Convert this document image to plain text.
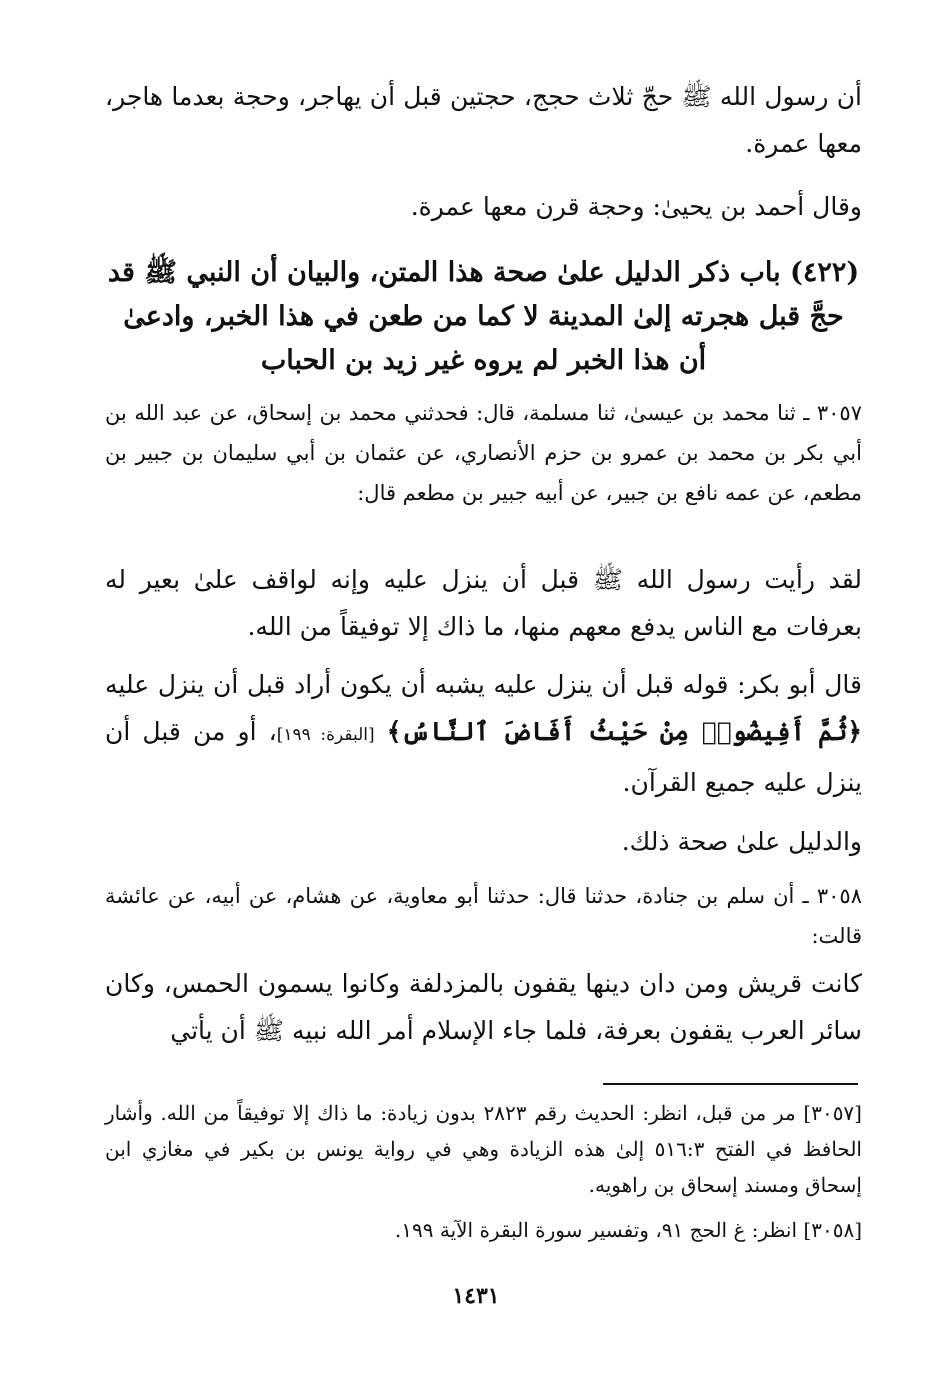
أن رسول الله ﷺ حجّ ثلاث حجج، حجتين قبل أن يهاجر، وحجة بعدما هاجر، معها عمرة.

وقال أحمد بن يحيىٰ: وحجة قرن معها عمرة.

(٤٢٢) باب ذكر الدليل علىٰ صحة هذا المتن، والبيان أن النبي ﷺ قد حجَّ قبل هجرته إلىٰ المدينة لا كما من طعن في هذا الخبر، وادعىٰ أن هذا الخبر لم يروه غير زيد بن الحباب

٣٠٥٧ ـ ثنا محمد بن عيسىٰ، ثنا مسلمة، قال: فحدثني محمد بن إسحاق، عن عبد الله بن أبي بكر بن محمد بن عمرو بن حزم الأنصاري، عن عثمان بن أبي سليمان بن جبير بن مطعم، عن عمه نافع بن جبير، عن أبيه جبير بن مطعم قال:

لقد رأيت رسول الله ﷺ قبل أن ينزل عليه وإنه لواقف علىٰ بعير له بعرفات مع الناس يدفع معهم منها، ما ذاك إلا توفيقاً من الله.

قال أبو بكر: قوله قبل أن ينزل عليه يشبه أن يكون أراد قبل أن ينزل عليه ﴿ثُمَّ أَفِيضُوا۟ مِنْ حَيْثُ أَفَاضَ ٱلنَّاسُ﴾ [البقرة: ١٩٩]، أو من قبل أن ينزل عليه جميع القرآن.

والدليل علىٰ صحة ذلك.

٣٠٥٨ ـ أن سلم بن جنادة، حدثنا قال: حدثنا أبو معاوية، عن هشام، عن أبيه، عن عائشة قالت:

كانت قريش ومن دان دينها يقفون بالمزدلفة وكانوا يسمون الحمس، وكان سائر العرب يقفون بعرفة، فلما جاء الإسلام أمر الله نبيه ﷺ أن يأتي

[٣٠٥٧] مر من قبل، انظر: الحديث رقم ٢٨٢٣ بدون زيادة: ما ذاك إلا توفيقاً من الله. وأشار الحافظ في الفتح ٥١٦:٣ إلىٰ هذه الزيادة وهي في رواية يونس بن بكير في مغازي ابن إسحاق ومسند إسحاق بن راهويه.

[٣٠٥٨] انظر: غ الحج ٩١، وتفسير سورة البقرة الآية ١٩٩.

١٤٣١
